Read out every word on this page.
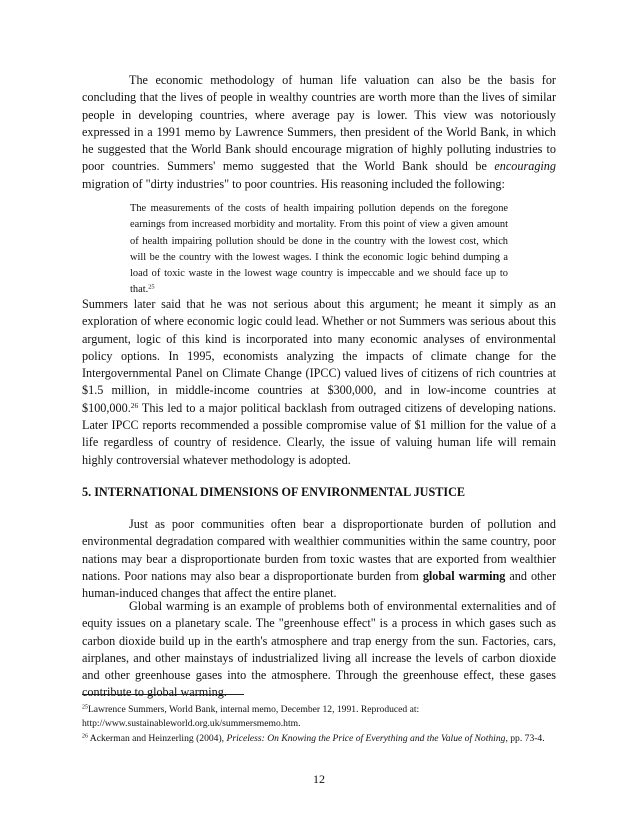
The economic methodology of human life valuation can also be the basis for concluding that the lives of people in wealthy countries are worth more than the lives of similar people in developing countries, where average pay is lower. This view was notoriously expressed in a 1991 memo by Lawrence Summers, then president of the World Bank, in which he suggested that the World Bank should encourage migration of highly polluting industries to poor countries. Summers' memo suggested that the World Bank should be encouraging migration of "dirty industries" to poor countries. His reasoning included the following:

The measurements of the costs of health impairing pollution depends on the foregone earnings from increased morbidity and mortality. From this point of view a given amount of health impairing pollution should be done in the country with the lowest cost, which will be the country with the lowest wages. I think the economic logic behind dumping a load of toxic waste in the lowest wage country is impeccable and we should face up to that.$^{25}$

Summers later said that he was not serious about this argument; he meant it simply as an exploration of where economic logic could lead. Whether or not Summers was serious about this argument, logic of this kind is incorporated into many economic analyses of environmental policy options. In 1995, economists analyzing the impacts of climate change for the Intergovernmental Panel on Climate Change (IPCC) valued lives of citizens of rich countries at $1.5 million, in middle-income countries at $300,000, and in low-income countries at $100,000.26 This led to a major political backlash from outraged citizens of developing nations. Later IPCC reports recommended a possible compromise value of $1 million for the value of a life regardless of country of residence. Clearly, the issue of valuing human life will remain highly controversial whatever methodology is adopted.

5. INTERNATIONAL DIMENSIONS OF ENVIRONMENTAL JUSTICE

Just as poor communities often bear a disproportionate burden of pollution and environmental degradation compared with wealthier communities within the same country, poor nations may bear a disproportionate burden from toxic wastes that are exported from wealthier nations. Poor nations may also bear a disproportionate burden from global warming and other human-induced changes that affect the entire planet.

Global warming is an example of problems both of environmental externalities and of equity issues on a planetary scale. The "greenhouse effect" is a process in which gases such as carbon dioxide build up in the earth's atmosphere and trap energy from the sun. Factories, cars, airplanes, and other mainstays of industrialized living all increase the levels of carbon dioxide and other greenhouse gases into the atmosphere. Through the greenhouse effect, these gases contribute to global warming.

$^{25}$Lawrence Summers, World Bank, internal memo, December 12, 1991. Reproduced at: http://www.sustainableworld.org.uk/summersmemo.htm.

$^{26}$ Ackerman and Heinzerling (2004), Priceless: On Knowing the Price of Everything and the Value of Nothing, pp. 73-4.

12
